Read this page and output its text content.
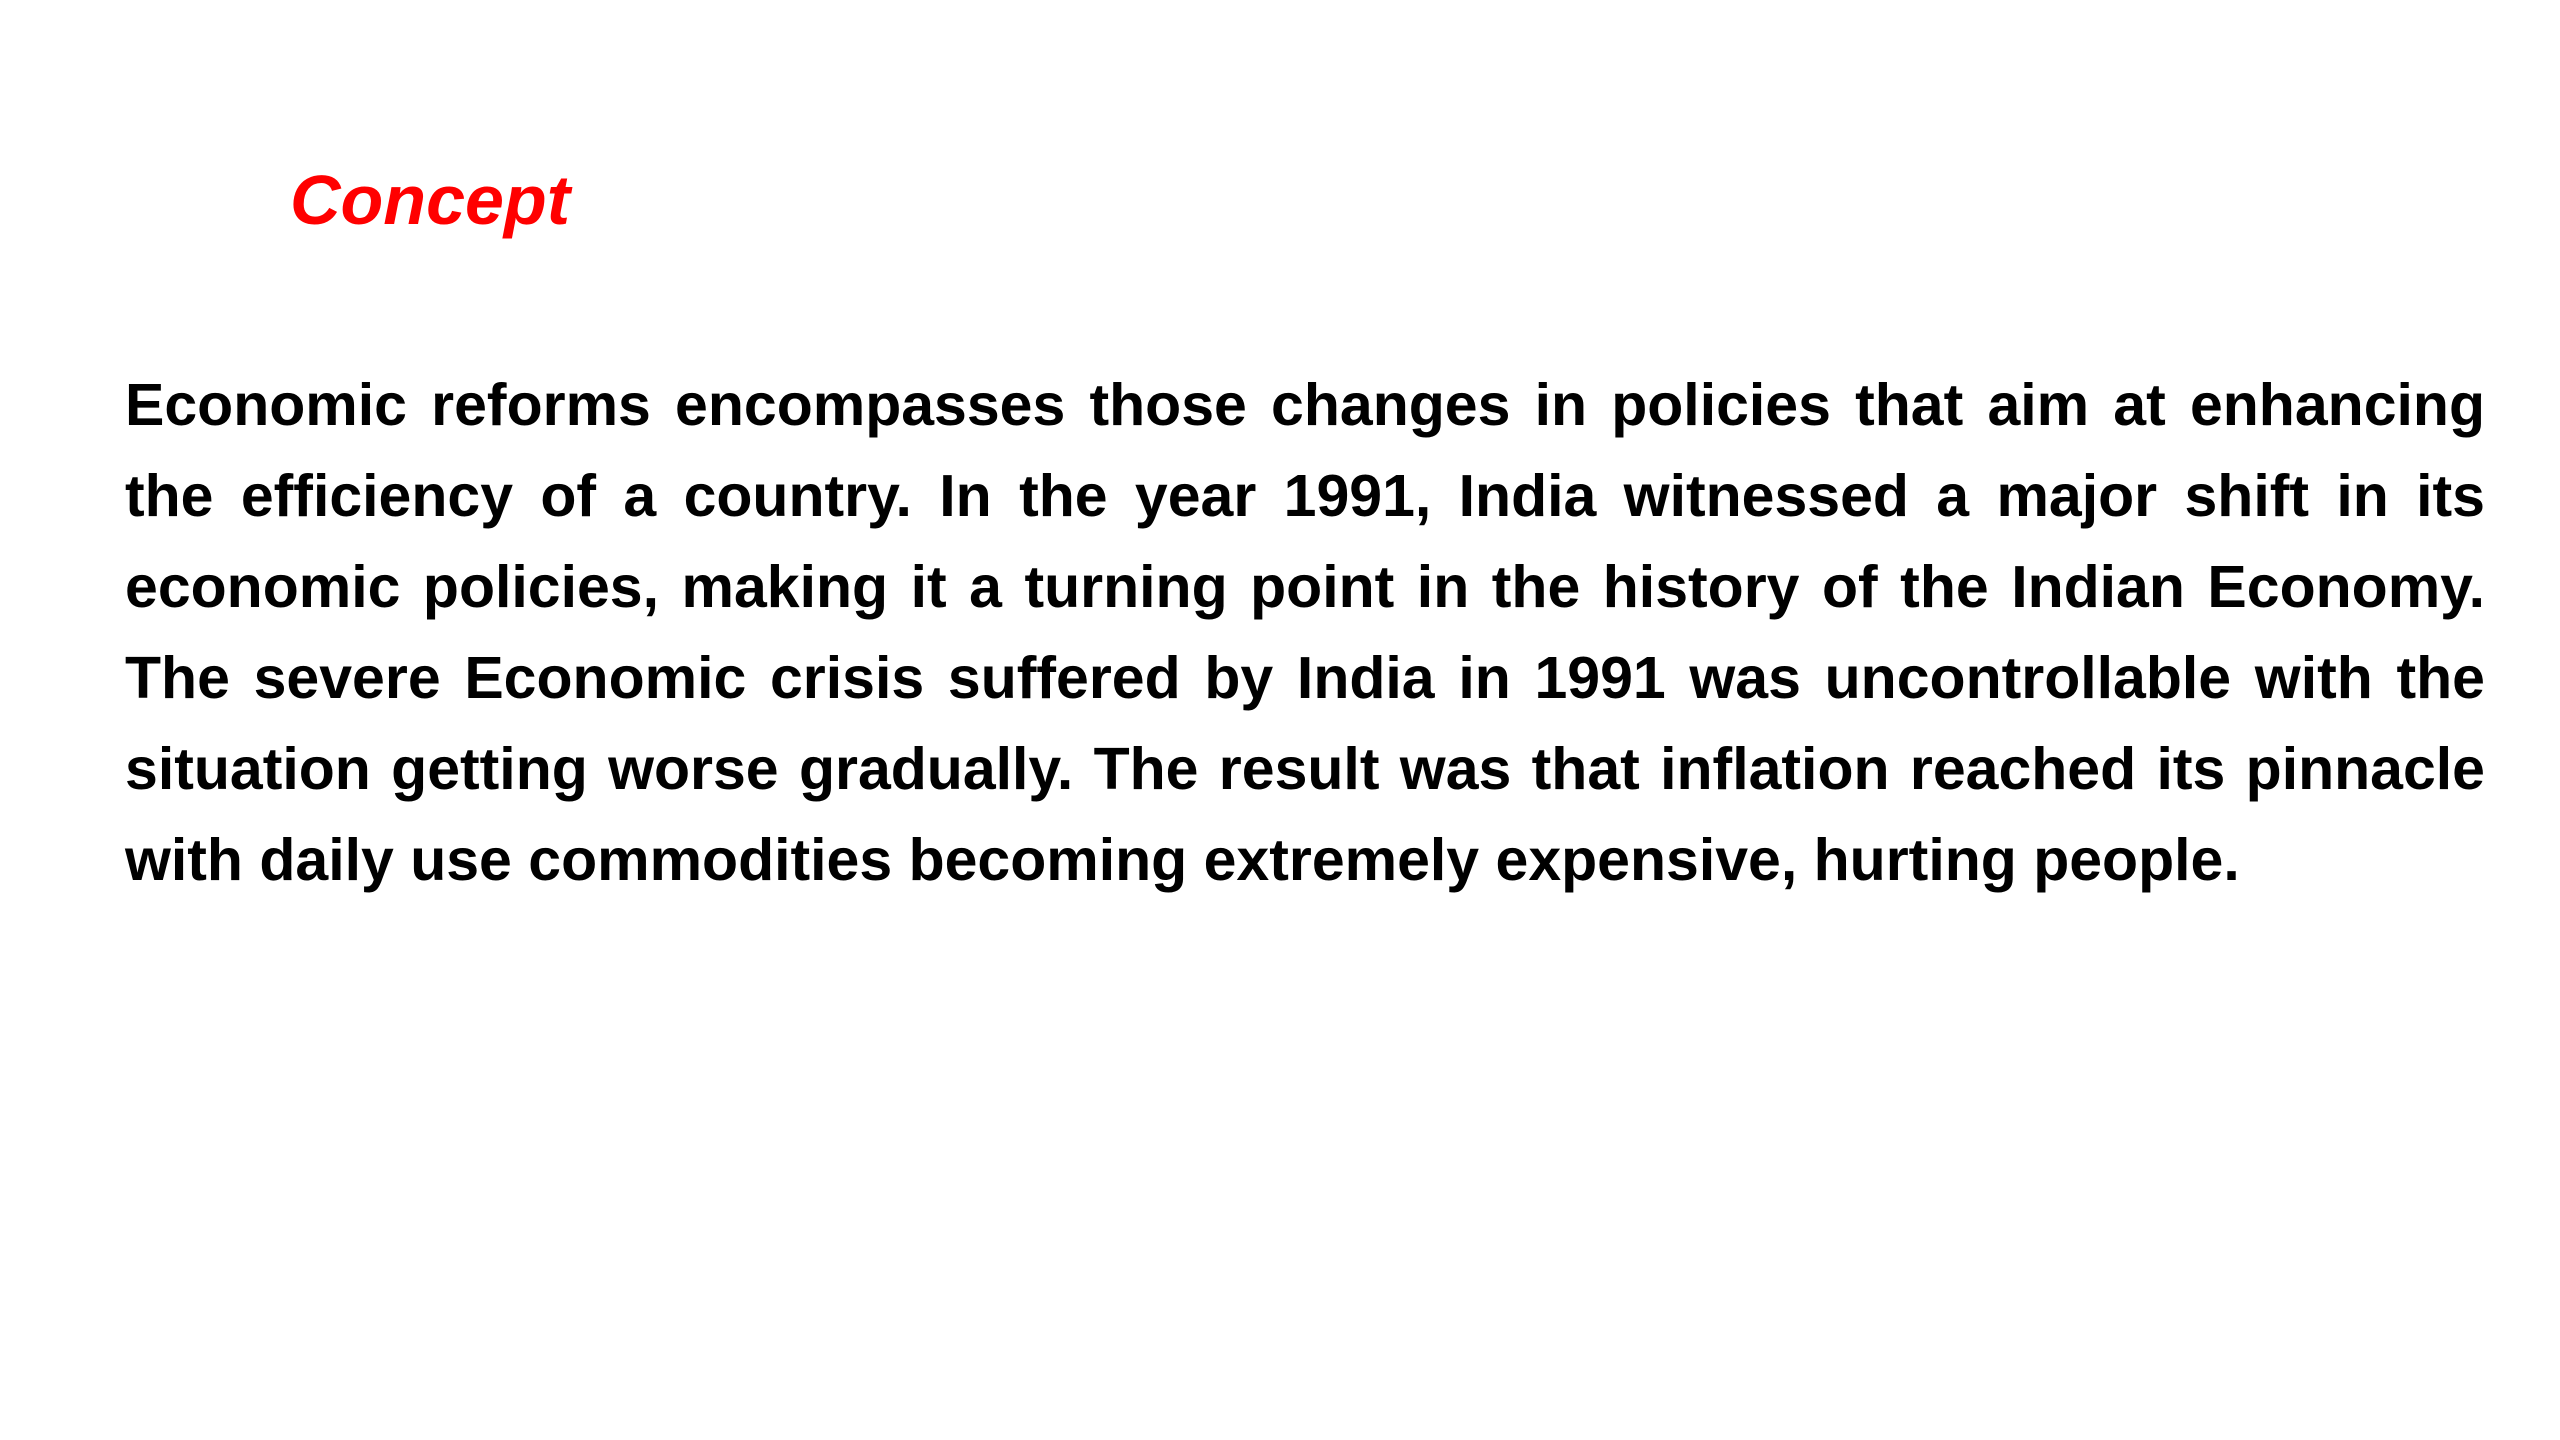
Concept
Economic reforms encompasses those changes in policies that aim at enhancing the efficiency of a country. In the year 1991, India witnessed a major shift in its economic policies, making it a turning point in the history of the Indian Economy. The severe Economic crisis suffered by India in 1991 was uncontrollable with the situation getting worse gradually. The result was that inflation reached its pinnacle with daily use commodities becoming extremely expensive, hurting people.
